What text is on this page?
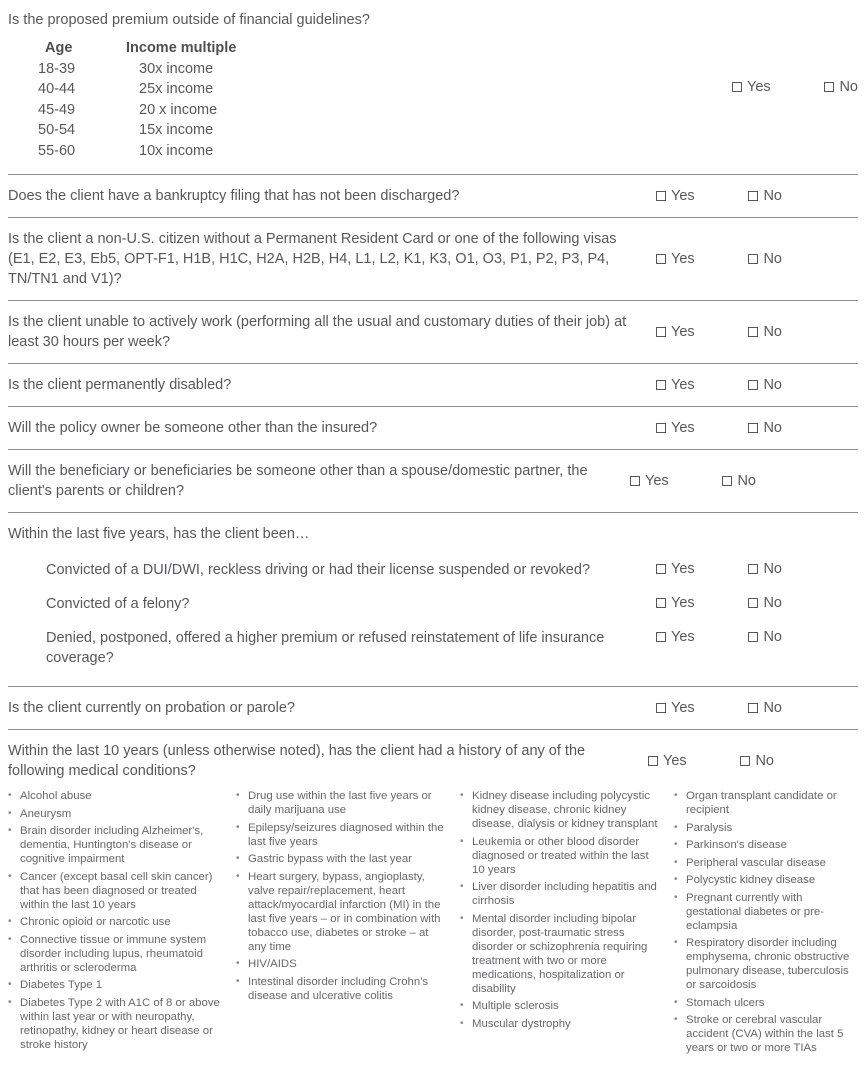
Is the proposed premium outside of financial guidelines?

Age	Income multiple
18-39	30x income
40-44	25x income
45-49	20 x income
50-54	15x income
55-60	10x income
Yes	No

Does the client have a bankruptcy filing that has not been discharged?	Yes	No

Is the client a non-U.S. citizen without a Permanent Resident Card or one of the following visas (E1, E2, E3, Eb5, OPT-F1, H1B, H1C, H2A, H2B, H4, L1, L2, K1, K3, O1, O3, P1, P2, P3, P4, TN/TN1 and V1)?

Yes	No

Is the client unable to actively work (performing all the usual and customary duties of their job) at least 30 hours per week?

Yes	No

Is the client permanently disabled?	Yes	No

Will the policy owner be someone other than the insured?	Yes	No

Will the beneficiary or beneficiaries be someone other than a spouse/domestic partner, the client's parents or children?

Yes	No

Within the last five years, has the client been…

Convicted of a DUI/DWI, reckless driving or had their license suspended or revoked?	Yes	No

Convicted of a felony?	Yes	No

Denied, postponed, offered a higher premium or refused reinstatement of life insurance coverage?

Yes	No

Is the client currently on probation or parole?	Yes	No

Within the last 10 years (unless otherwise noted), has the client had a history of any of the following medical conditions?

Yes	No
• Alcohol abuse
• Aneurysm
• Brain disorder including Alzheimer's, dementia, Huntington's disease or cognitive impairment
• Cancer (except basal cell skin cancer) that has been diagnosed or treated within the last 10 years
• Chronic opioid or narcotic use
• Connective tissue or immune system disorder including lupus, rheumatoid arthritis or scleroderma
• Diabetes Type 1
• Diabetes Type 2 with A1C of 8 or above within last year or with neuropathy, retinopathy, kidney or heart disease or stroke history
• Drug use within the last five years or daily marijuana use
• Epilepsy/seizures diagnosed within the last five years
• Gastric bypass with the last year
• Heart surgery, bypass, angioplasty, valve repair/replacement, heart attack/myocardial infarction (MI) in the last five years – or in combination with tobacco use, diabetes or stroke – at any time
• HIV/AIDS
• Intestinal disorder including Crohn's disease and ulcerative colitis
• Kidney disease including polycystic kidney disease, chronic kidney disease, dialysis or kidney transplant
• Leukemia or other blood disorder diagnosed or treated within the last 10 years
• Liver disorder including hepatitis and cirrhosis
• Mental disorder including bipolar disorder, post-traumatic stress disorder or schizophrenia requiring treatment with two or more medications, hospitalization or disability
• Multiple sclerosis
• Muscular dystrophy
• Organ transplant candidate or recipient
• Paralysis
• Parkinson's disease
• Peripheral vascular disease
• Polycystic kidney disease
• Pregnant currently with gestational diabetes or pre-eclampsia
• Respiratory disorder including emphysema, chronic obstructive pulmonary disease, tuberculosis or sarcoidosis
• Stomach ulcers
• Stroke or cerebral vascular accident (CVA) within the last 5 years or two or more TIAs
